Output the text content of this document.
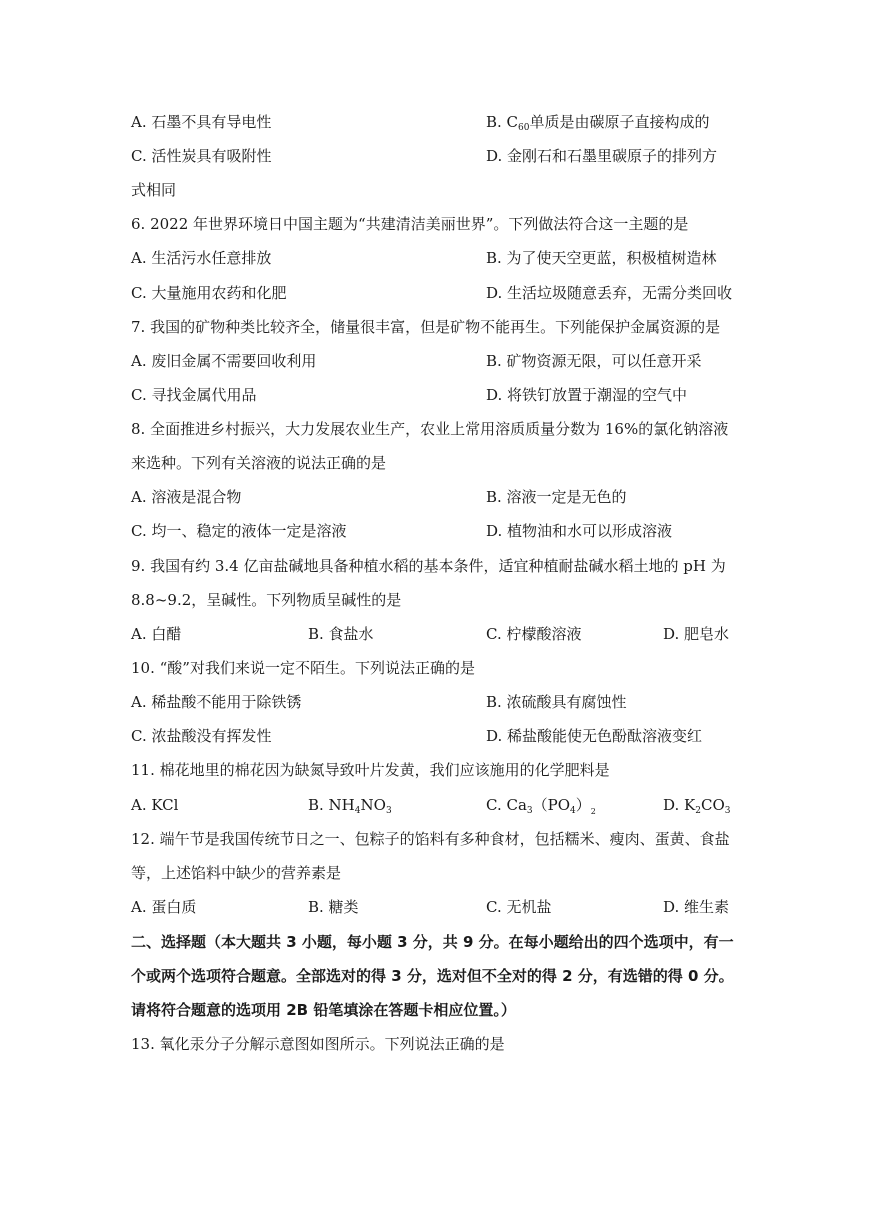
A. 石墨不具有导电性	B. $C_{60}$单质是由碳原子直接构成的
C. 活性炭具有吸附性	D. 金刚石和石墨里碳原子的排列方
式相同
6. 2022 年世界环境日中国主题为“共建清洁美丽世界”。下列做法符合这一主题的是
A. 生活污水任意排放	B. 为了使天空更蓝，积极植树造林
C. 大量施用农药和化肥	D. 生活垃圾随意丢弃，无需分类回收
7. 我国的矿物种类比较齐全，储量很丰富，但是矿物不能再生。下列能保护金属资源的是
A. 废旧金属不需要回收利用	B. 矿物资源无限，可以任意开采
C. 寻找金属代用品	D. 将铁钉放置于潮湿的空气中
8. 全面推进乡村振兴，大力发展农业生产，农业上常用溶质质量分数为 16%的氯化钠溶液
来选种。下列有关溶液的说法正确的是
A. 溶液是混合物	B. 溶液一定是无色的
C. 均一、稳定的液体一定是溶液	D. 植物油和水可以形成溶液
9. 我国有约 3.4 亿亩盐碱地具备种植水稻的基本条件，适宜种植耐盐碱水稻土地的 pH 为
8.8~9.2，呈碱性。下列物质呈碱性的是
A. 白醋	B. 食盐水	C. 柠檬酸溶液	D. 肥皂水
10. “酸”对我们来说一定不陌生。下列说法正确的是
A. 稀盐酸不能用于除铁锈	B. 浓硫酸具有腐蚀性
C. 浓盐酸没有挥发性	D. 稀盐酸能使无色酚酞溶液变红
11. 棉花地里的棉花因为缺氮导致叶片发黄，我们应该施用的化学肥料是
A. KCl	B. $NH_4NO_3$	C. $Ca_3(PO_4)_2$	D. $K_2CO_3$
12. 端午节是我国传统节日之一、包粽子的馅料有多种食材，包括糯米、瘦肉、蛋黄、食盐
等，上述馅料中缺少的营养素是
A. 蛋白质	B. 糖类	C. 无机盐	D. 维生素
二、选择题（本大题共 3 小题，每小题 3 分，共 9 分。在每小题给出的四个选项中，有一
个或两个选项符合题意。全部选对的得 3 分，选对但不全对的得 2 分，有选错的得 0 分。
请将符合题意的选项用 2B 铅笔填涂在答题卡相应位置。）
13. 氧化汞分子分解示意图如图所示。下列说法正确的是
